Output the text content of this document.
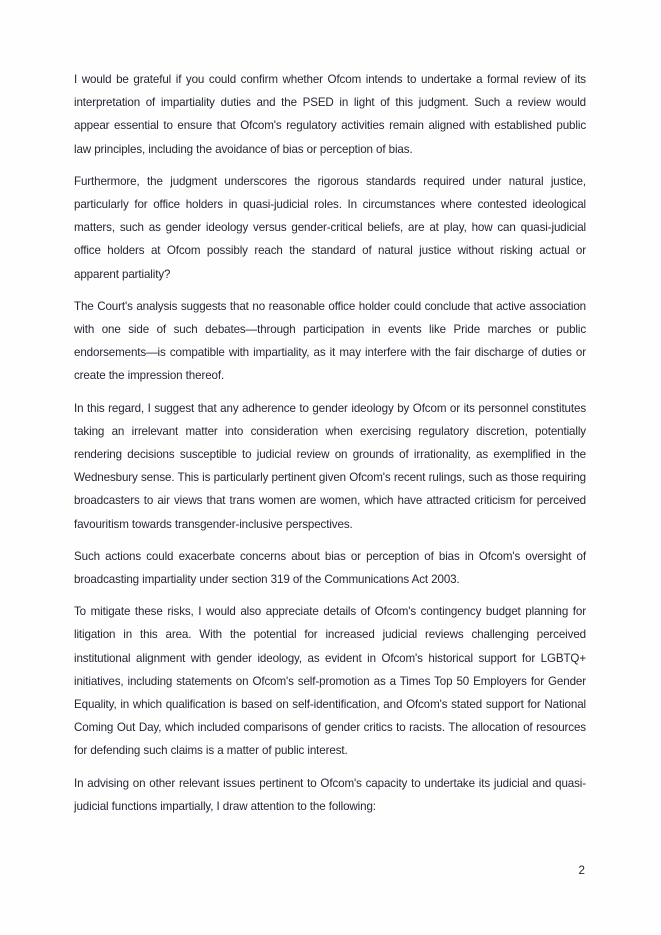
I would be grateful if you could confirm whether Ofcom intends to undertake a formal review of its interpretation of impartiality duties and the PSED in light of this judgment. Such a review would appear essential to ensure that Ofcom's regulatory activities remain aligned with established public law principles, including the avoidance of bias or perception of bias.

Furthermore, the judgment underscores the rigorous standards required under natural justice, particularly for office holders in quasi-judicial roles. In circumstances where contested ideological matters, such as gender ideology versus gender-critical beliefs, are at play, how can quasi-judicial office holders at Ofcom possibly reach the standard of natural justice without risking actual or apparent partiality?

The Court's analysis suggests that no reasonable office holder could conclude that active association with one side of such debates—through participation in events like Pride marches or public endorsements—is compatible with impartiality, as it may interfere with the fair discharge of duties or create the impression thereof.

In this regard, I suggest that any adherence to gender ideology by Ofcom or its personnel constitutes taking an irrelevant matter into consideration when exercising regulatory discretion, potentially rendering decisions susceptible to judicial review on grounds of irrationality, as exemplified in the Wednesbury sense. This is particularly pertinent given Ofcom's recent rulings, such as those requiring broadcasters to air views that trans women are women, which have attracted criticism for perceived favouritism towards transgender-inclusive perspectives.

Such actions could exacerbate concerns about bias or perception of bias in Ofcom's oversight of broadcasting impartiality under section 319 of the Communications Act 2003.

To mitigate these risks, I would also appreciate details of Ofcom's contingency budget planning for litigation in this area. With the potential for increased judicial reviews challenging perceived institutional alignment with gender ideology, as evident in Ofcom's historical support for LGBTQ+ initiatives, including statements on Ofcom's self-promotion as a Times Top 50 Employers for Gender Equality, in which qualification is based on self-identification, and Ofcom's stated support for National Coming Out Day, which included comparisons of gender critics to racists. The allocation of resources for defending such claims is a matter of public interest.

In advising on other relevant issues pertinent to Ofcom's capacity to undertake its judicial and quasi-judicial functions impartially, I draw attention to the following:

2
